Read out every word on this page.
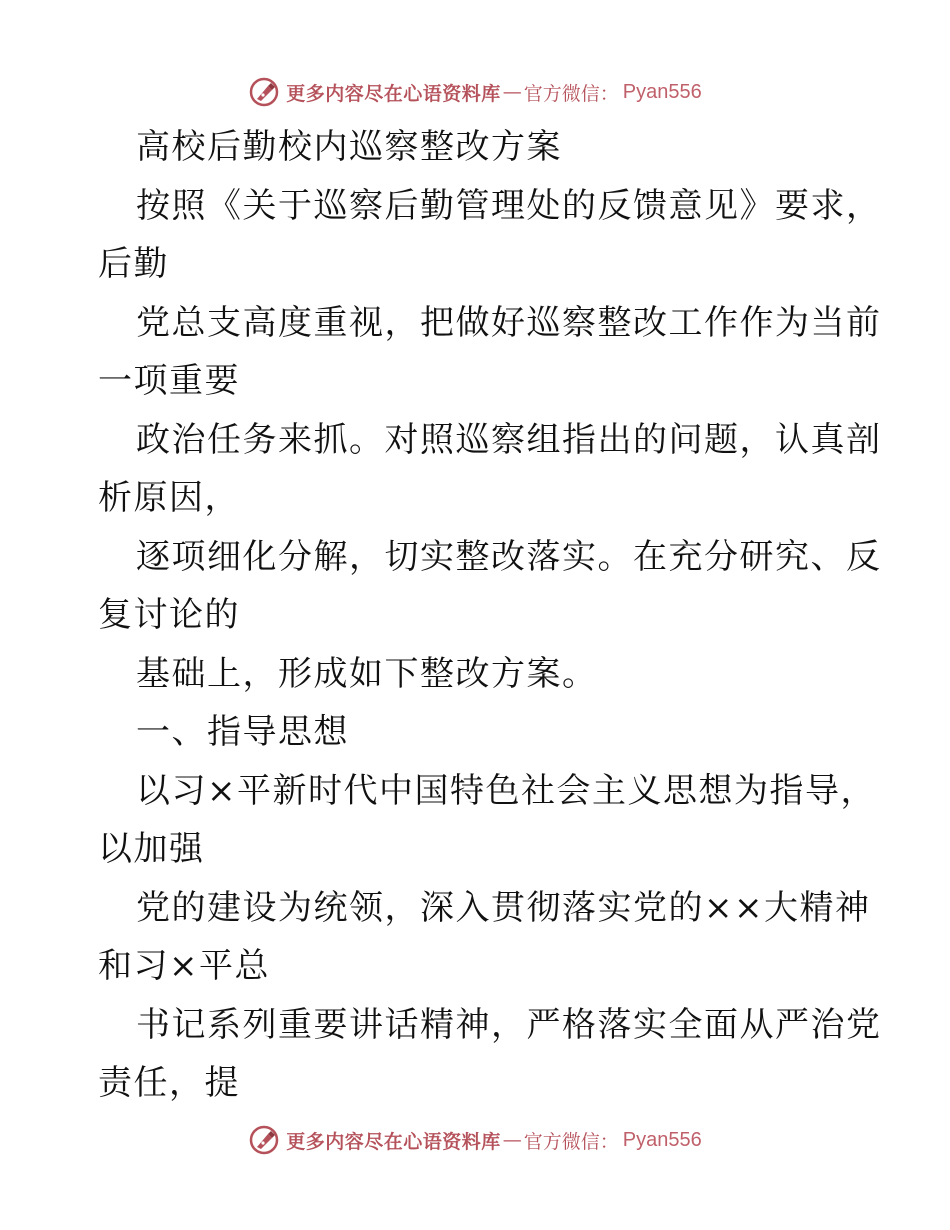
更多内容尽在心语资料库 — 官方微信： Pyan556
高校后勤校内巡察整改方案
按照《关于巡察后勤管理处的反馈意见》要求，
后勤
党总支高度重视，把做好巡察整改工作作为当前
一项重要
政治任务来抓。对照巡察组指出的问题，认真剖
析原因，
逐项细化分解，切实整改落实。在充分研究、反
复讨论的
基础上，形成如下整改方案。
一、指导思想
以习×平新时代中国特色社会主义思想为指导，
以加强
党的建设为统领，深入贯彻落实党的××大精神
和习×平总
书记系列重要讲话精神，严格落实全面从严治党
责任，提
更多内容尽在心语资料库 — 官方微信： Pyan556
